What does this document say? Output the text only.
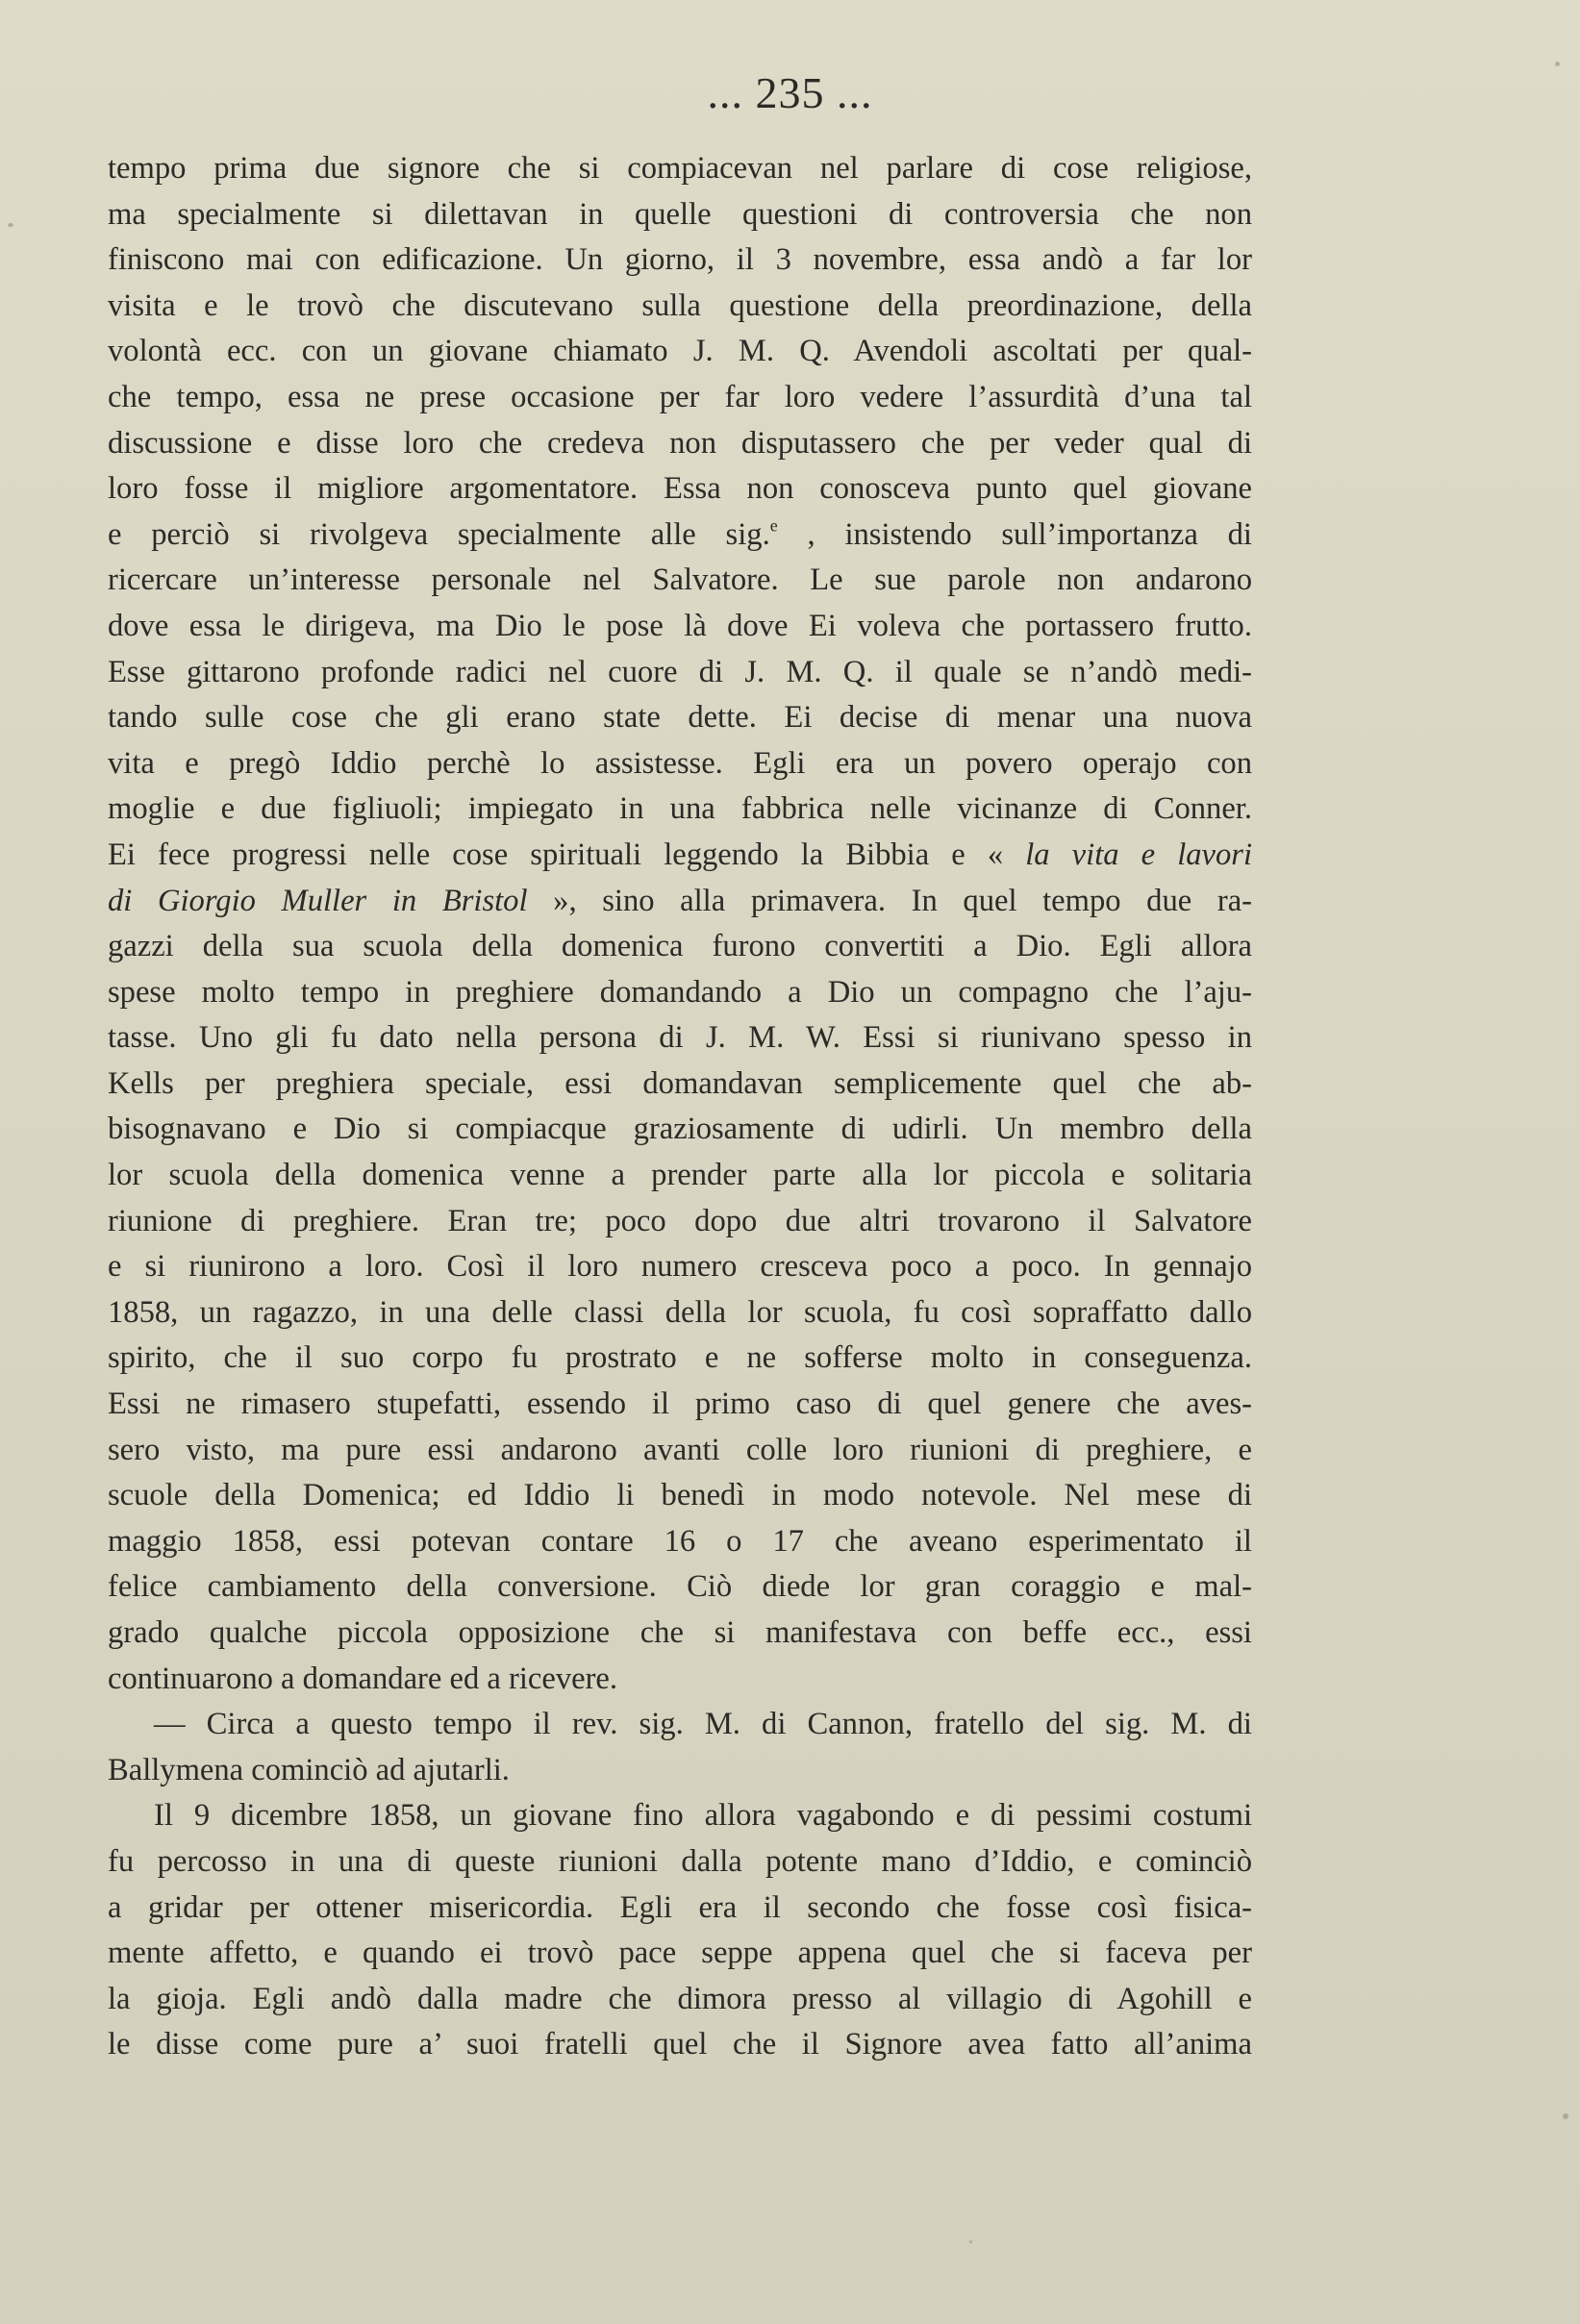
... 235 ...
tempo prima due signore che si compiacevan nel parlare di cose religiose,
ma specialmente si dilettavan in quelle questioni di controversia che non
finiscono mai con edificazione. Un giorno, il 3 novembre, essa andò a far lor
visita e le trovò che discutevano sulla questione della preordinazione, della
volontà ecc. con un giovane chiamato J. M. Q. Avendoli ascoltati per qual-
che tempo, essa ne prese occasione per far loro vedere l’assurdità d’una tal
discussione e disse loro che credeva non disputassero che per veder qual di
loro fosse il migliore argomentatore. Essa non conosceva punto quel giovane
e perciò si rivolgeva specialmente alle sig.$^e$ , insistendo sull’importanza di
ricercare un’interesse personale nel Salvatore. Le sue parole non andarono
dove essa le dirigeva, ma Dio le pose là dove Ei voleva che portassero frutto.
Esse gittarono profonde radici nel cuore di J. M. Q. il quale se n’andò medi-
tando sulle cose che gli erano state dette. Ei decise di menar una nuova
vita e pregò Iddio perchè lo assistesse. Egli era un povero operajo con
moglie e due figliuoli; impiegato in una fabbrica nelle vicinanze di Conner.
Ei fece progressi nelle cose spirituali leggendo la Bibbia e « la vita e lavori
di Giorgio Muller in Bristol », sino alla primavera. In quel tempo due ra-
gazzi della sua scuola della domenica furono convertiti a Dio. Egli allora
spese molto tempo in preghiere domandando a Dio un compagno che l’aju-
tasse. Uno gli fu dato nella persona di J. M. W. Essi si riunivano spesso in
Kells per preghiera speciale, essi domandavan semplicemente quel che ab-
bisognavano e Dio si compiacque graziosamente di udirli. Un membro della
lor scuola della domenica venne a prender parte alla lor piccola e solitaria
riunione di preghiere. Eran tre; poco dopo due altri trovarono il Salvatore
e si riunirono a loro. Così il loro numero cresceva poco a poco. In gennajo
1858, un ragazzo, in una delle classi della lor scuola, fu così sopraffatto dallo
spirito, che il suo corpo fu prostrato e ne sofferse molto in conseguenza.
Essi ne rimasero stupefatti, essendo il primo caso di quel genere che aves-
sero visto, ma pure essi andarono avanti colle loro riunioni di preghiere, e
scuole della Domenica; ed Iddio li benedì in modo notevole. Nel mese di
maggio 1858, essi potevan contare 16 o 17 che aveano esperimentato il
felice cambiamento della conversione. Ciò diede lor gran coraggio e mal-
grado qualche piccola opposizione che si manifestava con beffe ecc., essi
continuarono a domandare ed a ricevere.
— Circa a questo tempo il rev. sig. M. di Cannon, fratello del sig. M. di
Ballymena cominciò ad ajutarli.
Il 9 dicembre 1858, un giovane fino allora vagabondo e di pessimi costumi
fu percosso in una di queste riunioni dalla potente mano d’Iddio, e cominciò
a gridar per ottener misericordia. Egli era il secondo che fosse così fisica-
mente affetto, e quando ei trovò pace seppe appena quel che si faceva per
la gioja. Egli andò dalla madre che dimora presso al villagio di Agohill e
le disse come pure a’ suoi fratelli quel che il Signore avea fatto all’anima
